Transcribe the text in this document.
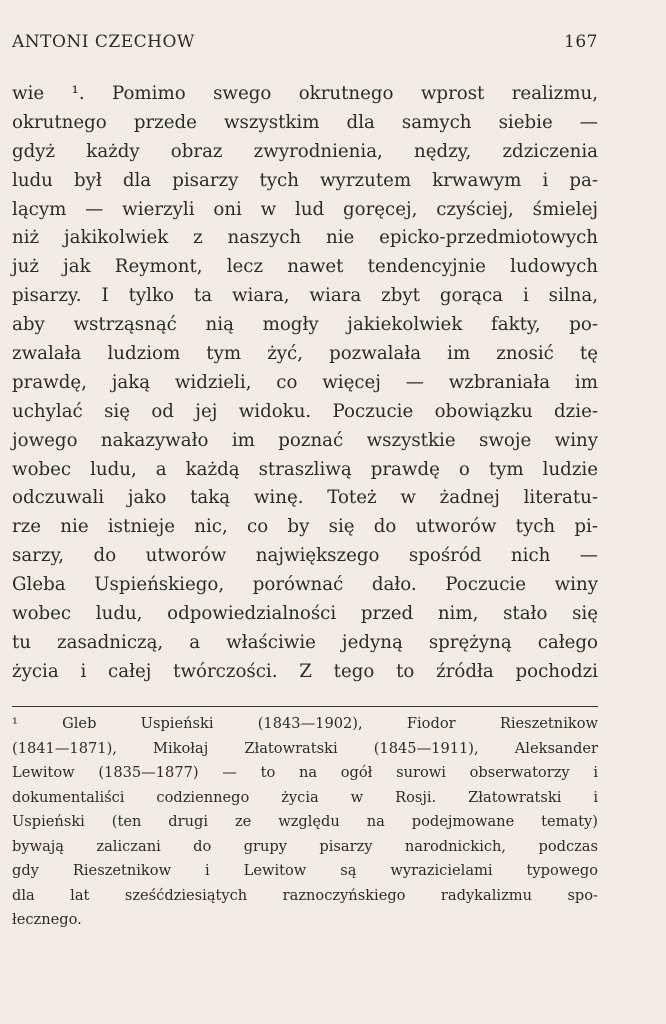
ANTONI CZECHOW	167
wie ¹. Pomimo swego okrutnego wprost realizmu,
okrutnego przede wszystkim dla samych siebie —
gdyż każdy obraz zwyrodnienia, nędzy, zdziczenia
ludu był dla pisarzy tych wyrzutem krwawym i pa-
lącym — wierzyli oni w lud goręcej, czyściej, śmielej
niż jakikolwiek z naszych nie epicko-przedmiotowych
już jak Reymont, lecz nawet tendencyjnie ludowych
pisarzy. I tylko ta wiara, wiara zbyt gorąca i silna,
aby wstrząsnąć nią mogły jakiekolwiek fakty, po-
zwalała ludziom tym żyć, pozwalała im znosić tę
prawdę, jaką widzieli, co więcej — wzbraniała im
uchylać się od jej widoku. Poczucie obowiązku dzie-
jowego nakazywało im poznać wszystkie swoje winy
wobec ludu, a każdą straszliwą prawdę o tym ludzie
odczuwali jako taką winę. Toteż w żadnej literatu-
rze nie istnieje nic, co by się do utworów tych pi-
sarzy, do utworów największego spośród nich —
Gleba Uspieńskiego, porównać dało. Poczucie winy
wobec ludu, odpowiedzialności przed nim, stało się
tu zasadniczą, a właściwie jedyną sprężyną całego
życia i całej twórczości. Z tego to źródła pochodzi
¹ Gleb Uspieński (1843—1902), Fiodor Rieszetnikow
(1841—1871), Mikołaj Złatowratski (1845—1911), Aleksander
Lewitow (1835—1877) — to na ogół surowi obserwatorzy i
dokumentaliści codziennego życia w Rosji. Złatowratski i
Uspieński (ten drugi ze względu na podejmowane tematy)
bywają zaliczani do grupy pisarzy narodnickich, podczas
gdy Rieszetnikow i Lewitow są wyrazicielami typowego
dla lat sześćdziesiątych raznoczyńskiego radykalizmu spo-
łecznego.
